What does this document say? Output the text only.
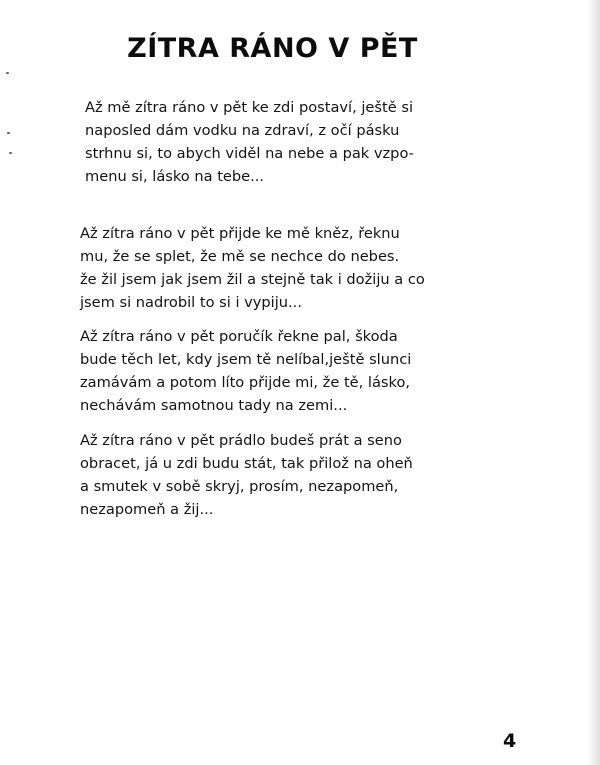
ZÍTRA RÁNO V PĚT

Až mě zítra ráno v pět ke zdi postaví, ještě si
naposled dám vodku na zdraví, z očí pásku
strhnu si, to abych viděl na nebe a pak vzpo-
menu si, lásko na tebe...

Až zítra ráno v pět přijde ke mě kněz, řeknu
mu, že se splet, že mě se nechce do nebes.
že žil jsem jak jsem žil a stejně tak i dožiju a co
jsem si nadrobil to si i vypiju...

Až zítra ráno v pět poručík řekne pal, škoda
bude těch let, kdy jsem tě nelíbal,ještě slunci
zamávám a potom líto přijde mi, že tě, lásko,
nechávám samotnou tady na zemi...

Až zítra ráno v pět prádlo budeš prát a seno
obracet, já u zdi budu stát, tak přilož na oheň
a smutek v sobě skryj, prosím, nezapomeň,
nezapomeň a žij...

4
